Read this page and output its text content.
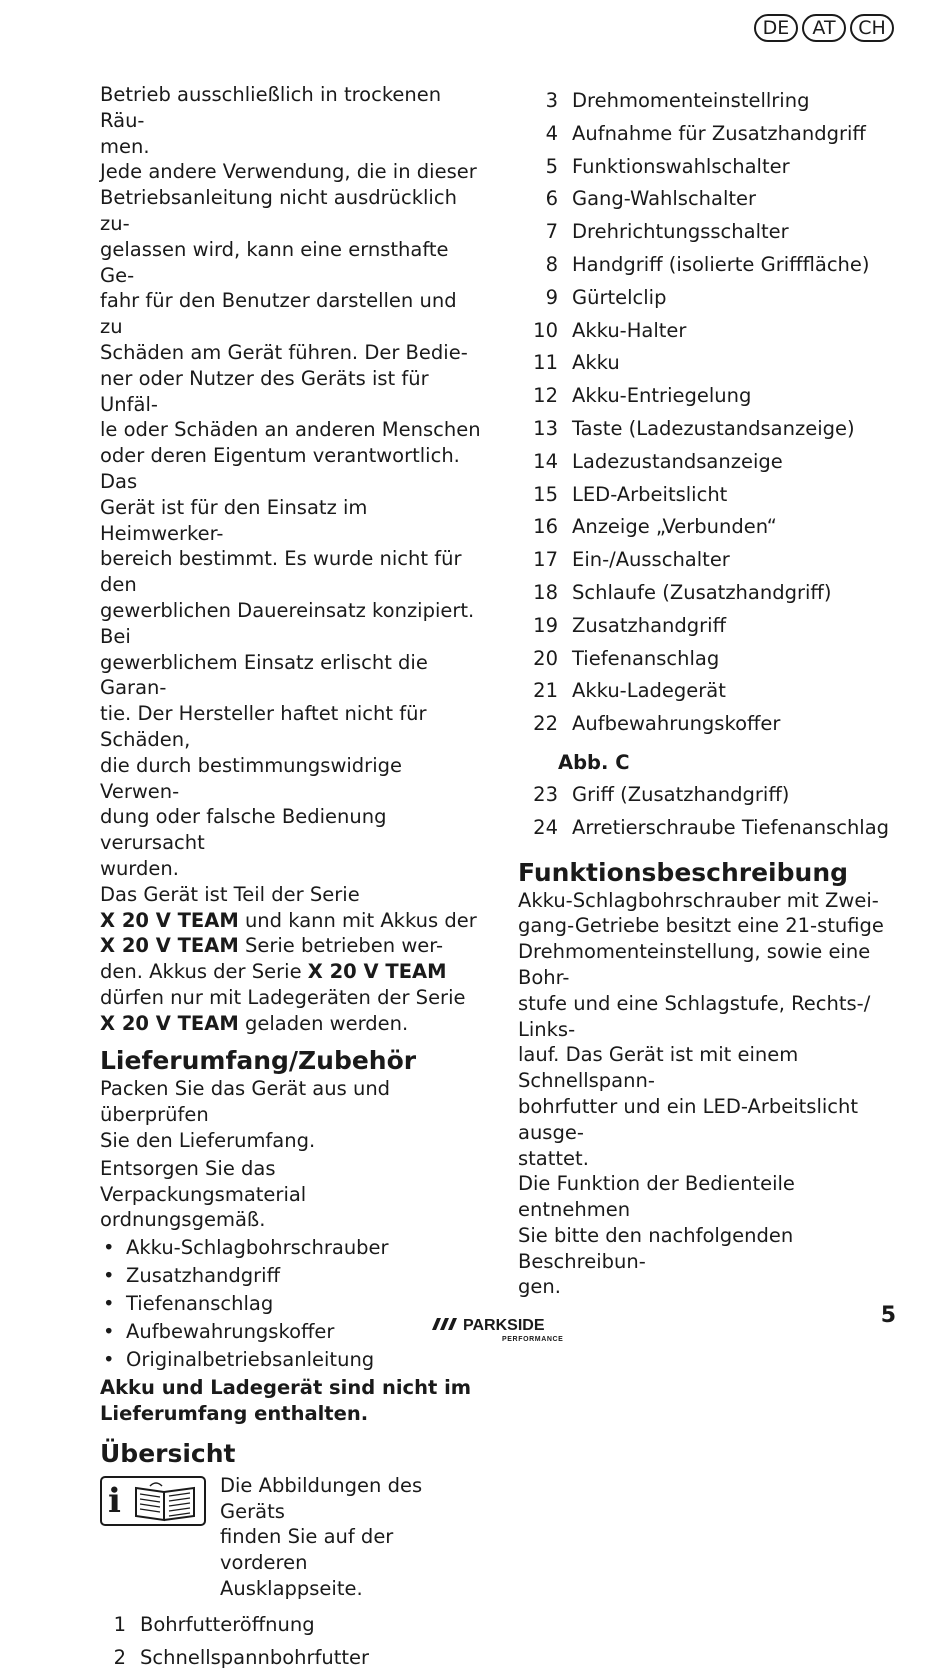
DE	AT	CH

Betrieb ausschließlich in trockenen Räu-

men.

Jede andere Verwendung, die in dieser

Betriebsanleitung nicht ausdrücklich zu-

gelassen wird, kann eine ernsthafte Ge-

fahr für den Benutzer darstellen und zu

Schäden am Gerät führen. Der Bedie-

ner oder Nutzer des Geräts ist für Unfäl-

le oder Schäden an anderen Menschen

oder deren Eigentum verantwortlich. Das

Gerät ist für den Einsatz im Heimwerker-

bereich bestimmt. Es wurde nicht für den

gewerblichen Dauereinsatz konzipiert. Bei

gewerblichem Einsatz erlischt die Garan-

tie. Der Hersteller haftet nicht für Schäden,

die durch bestimmungswidrige Verwen-

dung oder falsche Bedienung verursacht

wurden.

Das Gerät ist Teil der Serie

X 20 V TEAM und kann mit Akkus der

X 20 V TEAM Serie betrieben wer-

den. Akkus der Serie X 20 V TEAM

dürfen nur mit Ladegeräten der Serie

X 20 V TEAM geladen werden.

Lieferumfang/Zubehör

Packen Sie das Gerät aus und überprüfen

Sie den Lieferumfang.

Entsorgen Sie das Verpackungsmaterial

ordnungsgemäß.

• Akku-Schlagbohrschrauber
• Zusatzhandgriff
• Tiefenanschlag
• Aufbewahrungskoffer
• Originalbetriebsanleitung

Akku und Ladegerät sind nicht im

Lieferumfang enthalten.

Übersicht
i	Die Abbildungen des Geräts

finden Sie auf der vorderen

Ausklappseite.

1 Bohrfutteröffnung
2 Schnellspannbohrfutter
3 Drehmomenteinstellring
4 Aufnahme für Zusatzhandgriff
5 Funktionswahlschalter
6 Gang-Wahlschalter
7 Drehrichtungsschalter
8 Handgriff (isolierte Grifffläche)
9 Gürtelclip
10 Akku-Halter
11 Akku
12 Akku-Entriegelung
13 Taste (Ladezustandsanzeige)
14 Ladezustandsanzeige
15 LED-Arbeitslicht
16 Anzeige „Verbunden“
17 Ein-/Ausschalter
18 Schlaufe (Zusatzhandgriff)
19 Zusatzhandgriff
20 Tiefenanschlag
21 Akku-Ladegerät
22 Aufbewahrungskoffer

Abb. C

23 Griff (Zusatzhandgriff)
24 Arretierschraube Tiefenanschlag
Funktionsbeschreibung

Akku-Schlagbohrschrauber mit Zwei-

gang-Getriebe besitzt eine 21-stufige

Drehmomenteinstellung, sowie eine Bohr-

stufe und eine Schlagstufe, Rechts-/ Links-

lauf. Das Gerät ist mit einem Schnellspann-

bohrfutter und ein LED-Arbeitslicht ausge-

stattet.

Die Funktion der Bedienteile entnehmen

Sie bitte den nachfolgenden Beschreibun-

gen.

PARKSIDE
PERFORMANCE
5
